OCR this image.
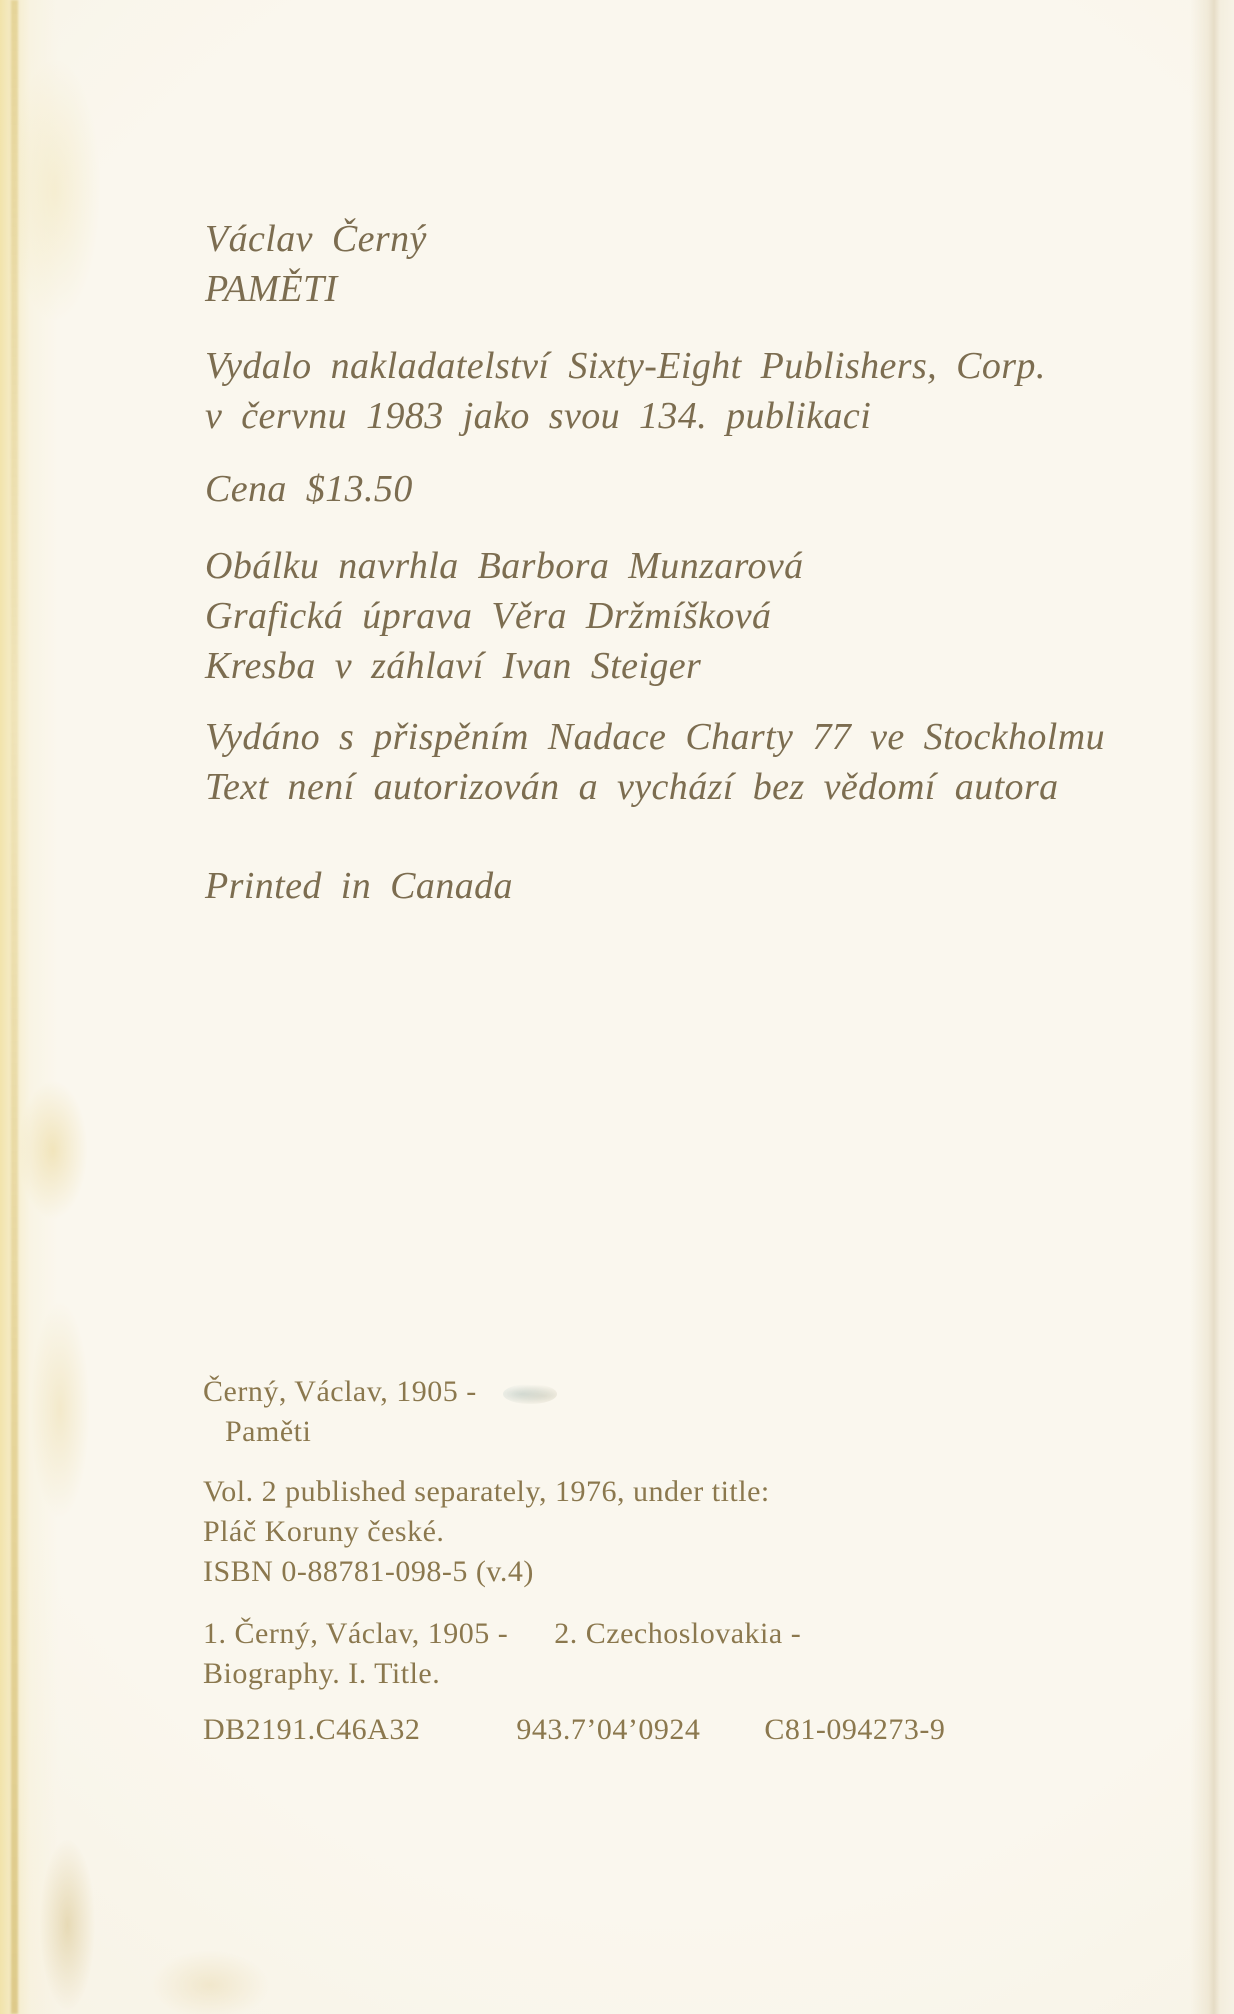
Václav Černý

PAMĚTI

Vydalo nakladatelství Sixty-Eight Publishers, Corp.

v červnu 1983 jako svou 134. publikaci

Cena $13.50

Obálku navrhla Barbora Munzarová

Grafická úprava Věra Držmíšková

Kresba v záhlaví Ivan Steiger

Vydáno s přispěním Nadace Charty 77 ve Stockholmu

Text není autorizován a vychází bez vědomí autora

Printed in Canada

Černý, Václav, 1905 -

Paměti

Vol. 2 published separately, 1976, under title:

Pláč Koruny české.

ISBN 0-88781-098-5 (v.4)

1. Černý, Václav, 1905 - 2. Czechoslovakia -

Biography. I. Title.

DB2191.C46A32	943.7’04’0924 C81-094273-9
